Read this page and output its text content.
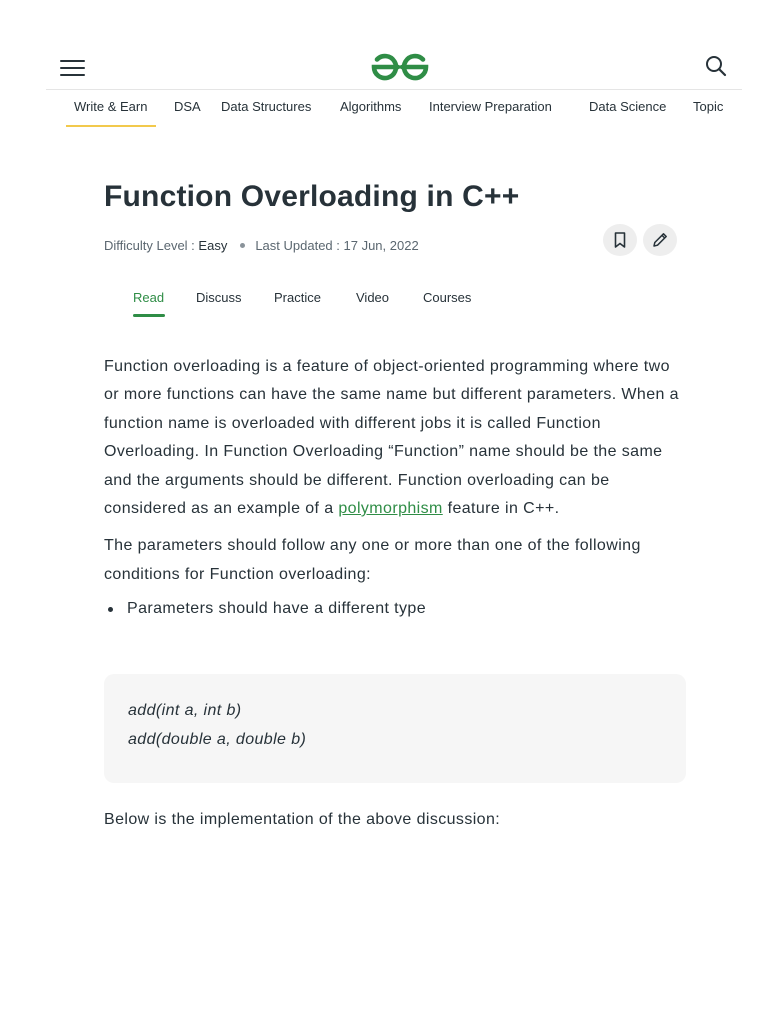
Write & Earn DSA Data Structures Algorithms Interview Preparation	Data Science Topic
Function Overloading in C++
Difficulty Level : Easy Last Updated : 17 Jun, 2022
Read Discuss Practice	Video	Courses

Function overloading is a feature of object-oriented programming where two or more functions can have the same name but different parameters. When a function name is overloaded with different jobs it is called Function Overloading. In Function Overloading “Function” name should be the same and the arguments should be different. Function overloading can be considered as an example of a polymorphism feature in C++.

The parameters should follow any one or more than one of the following conditions for Function overloading:

Parameters should have a different type
add(int a, int b)
add(double a, double b)

Below is the implementation of the above discussion:
